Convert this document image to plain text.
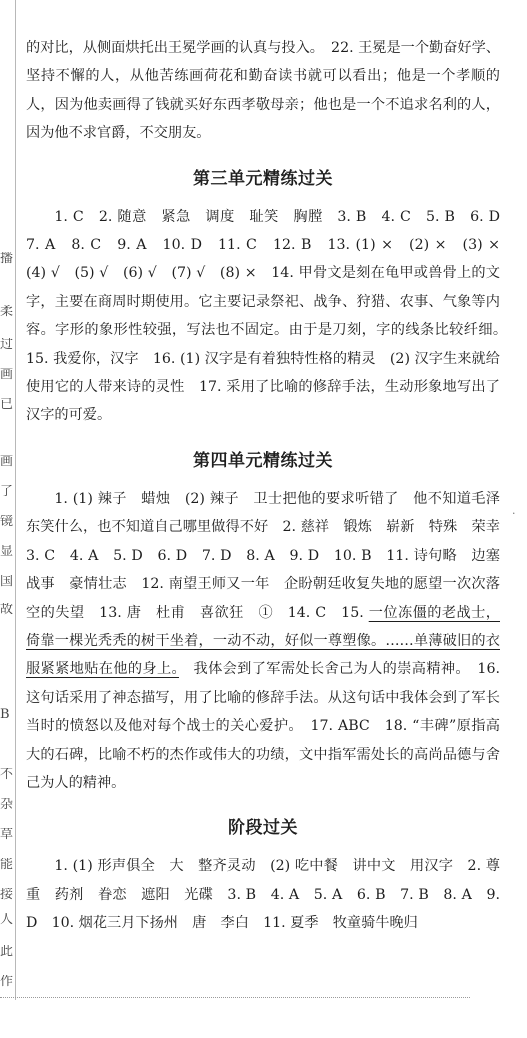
播
柔
过
画
已
画
了
镜
显
国
故
B
不
杂
草
能
接
人
此
作
·

的对比，从侧面烘托出王冕学画的认真与投入。　22. 王冕是一个勤奋好学、坚持不懈的人，从他苦练画荷花和勤奋读书就可以看出；他是一个孝顺的人，因为他卖画得了钱就买好东西孝敬母亲；他也是一个不追求名利的人，因为他不求官爵，不交朋友。

第三单元精练过关

1. C　2. 随意　紧急　调度　耻笑　胸膛　3. B　4. C　5. B　6. D　7. A　8. C　9. A　10. D　11. C　12. B　13. (1) ×　(2) ×　(3) ×　(4) √　(5) √　(6) √　(7) √　(8) ×　14. 甲骨文是刻在龟甲或兽骨上的文字，主要在商周时期使用。它主要记录祭祀、战争、狩猎、农事、气象等内容。字形的象形性较强，写法也不固定。由于是刀刻，字的线条比较纤细。　15. 我爱你，汉字　16. (1) 汉字是有着独特性格的精灵　(2) 汉字生来就给使用它的人带来诗的灵性　17. 采用了比喻的修辞手法，生动形象地写出了汉字的可爱。

第四单元精练过关

1. (1) 辣子　蜡烛　(2) 辣子　卫士把他的要求听错了　他不知道毛泽东笑什么，也不知道自己哪里做得不好　2. 慈祥　锻炼　崭新　特殊　荣幸　3. C　4. A　5. D　6. D　7. D　8. A　9. D　10. B　11. 诗句略　边塞战事　豪情壮志　12. 南望王师又一年　企盼朝廷收复失地的愿望一次次落空的失望　13. 唐　杜甫　喜欲狂　①　14. C　15. 一位冻僵的老战士，倚靠一棵光秃秃的树干坐着，一动不动，好似一尊塑像。……单薄破旧的衣服紧紧地贴在他的身上。　我体会到了军需处长舍己为人的崇高精神。　16. 这句话采用了神态描写，用了比喻的修辞手法。从这句话中我体会到了军长当时的愤怒以及他对每个战士的关心爱护。　17. ABC　18. “丰碑”原指高大的石碑，比喻不朽的杰作或伟大的功绩，文中指军需处长的高尚品德与舍己为人的精神。

阶段过关

1. (1) 形声俱全　大　整齐灵动　(2) 吃中餐　讲中文　用汉字　2. 尊重　药剂　眷恋　遮阳　光碟　3. B　4. A　5. A　6. B　7. B　8. A　9. D　10. 烟花三月下扬州　唐　李白　11. 夏季　牧童骑牛晚归
